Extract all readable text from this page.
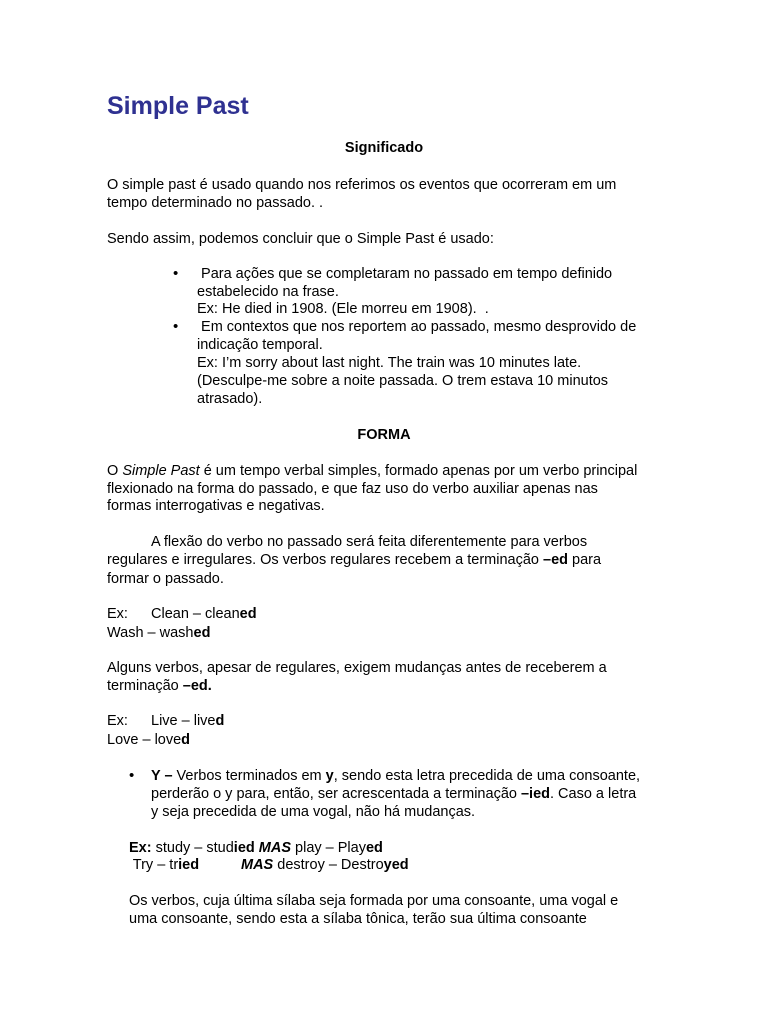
Simple Past
Significado
O simple past é usado quando nos referimos os eventos que ocorreram em um
tempo determinado no passado. .
Sendo assim, podemos concluir que o Simple Past é usado:
• Para ações que se completaram no passado em tempo definido
estabelecido na frase.
Ex: He died in 1908. (Ele morreu em 1908).  .
• Em contextos que nos reportem ao passado, mesmo desprovido de
indicação temporal.
Ex: I’m sorry about last night. The train was 10 minutes late.
(Desculpe-me sobre a noite passada. O trem estava 10 minutos
atrasado).
FORMA
O Simple Past é um tempo verbal simples, formado apenas por um verbo principal
flexionado na forma do passado, e que faz uso do verbo auxiliar apenas nas
formas interrogativas e negativas.
A flexão do verbo no passado será feita diferentemente para verbos
regulares e irregulares. Os verbos regulares recebem a terminação –ed para
formar o passado.
Ex: Clean – cleaned
Wash – washed
Alguns verbos, apesar de regulares, exigem mudanças antes de receberem a
terminação –ed.
Ex: Live – lived
Love – loved
• Y – Verbos terminados em y, sendo esta letra precedida de uma consoante,
perderão o y para, então, ser acrescentada a terminação –ied. Caso a letra
y seja precedida de uma vogal, não há mudanças.
Ex: study – studied MAS play – Played
Try – tried	MAS destroy – Destroyed
Os verbos, cuja última sílaba seja formada por uma consoante, uma vogal e
uma consoante, sendo esta a sílaba tônica, terão sua última consoante
